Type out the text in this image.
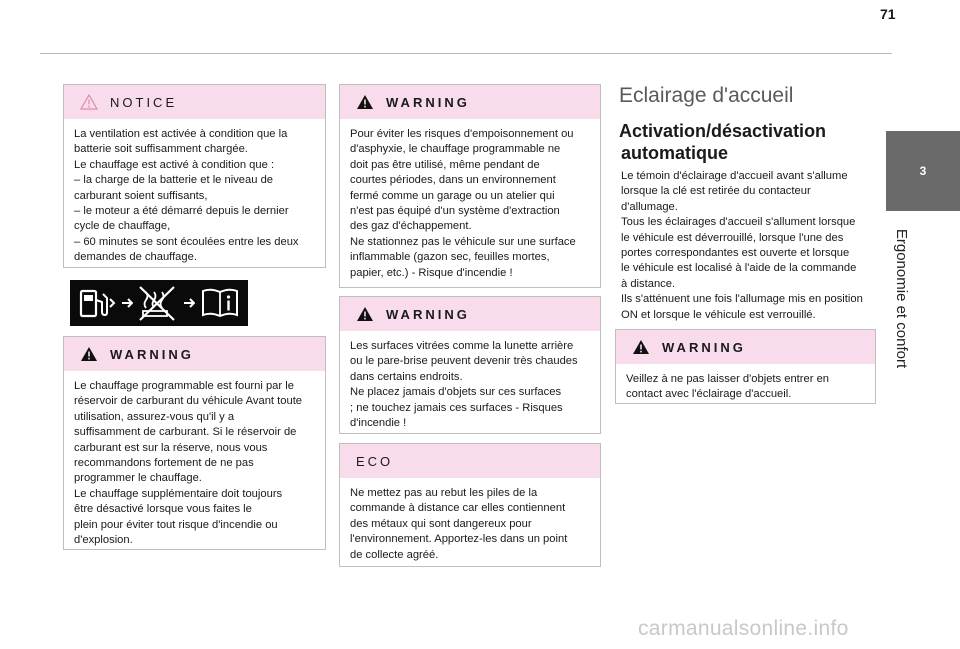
71
3
Ergonomie et confort
NOTICE

La ventilation est activée à condition que la

batterie soit suffisamment chargée.

Le chauffage est activé à condition que :

– la charge de la batterie et le niveau de

carburant soient suffisants,

– le moteur a été démarré depuis le dernier

cycle de chauffage,

– 60 minutes se sont écoulées entre les deux

demandes de chauffage.

WARNING

Le chauffage programmable est fourni par le

réservoir de carburant du véhicule Avant toute

utilisation, assurez-vous qu'il y a

suffisamment de carburant. Si le réservoir de

carburant est sur la réserve, nous vous

recommandons fortement de ne pas

programmer le chauffage.

Le chauffage supplémentaire doit toujours

être désactivé lorsque vous faites le

plein pour éviter tout risque d'incendie ou

d'explosion.

WARNING

Pour éviter les risques d'empoisonnement ou

d'asphyxie, le chauffage programmable ne

doit pas être utilisé, même pendant de

courtes périodes, dans un environnement

fermé comme un garage ou un atelier qui

n'est pas équipé d'un système d'extraction

des gaz d'échappement.

Ne stationnez pas le véhicule sur une surface

inflammable (gazon sec, feuilles mortes,

papier, etc.) - Risque d'incendie !

WARNING

Les surfaces vitrées comme la lunette arrière

ou le pare-brise peuvent devenir très chaudes

dans certains endroits.

Ne placez jamais d'objets sur ces surfaces

; ne touchez jamais ces surfaces - Risques

d'incendie !

ECO

Ne mettez pas au rebut les piles de la

commande à distance car elles contiennent

des métaux qui sont dangereux pour

l'environnement. Apportez-les dans un point

de collecte agréé.

Eclairage d'accueil
Activation/désactivation
automatique

Le témoin d'éclairage d'accueil avant s'allume

lorsque la clé est retirée du contacteur

d'allumage.

Tous les éclairages d'accueil s'allument lorsque

le véhicule est déverrouillé, lorsque l'une des

portes correspondantes est ouverte et lorsque

le véhicule est localisé à l'aide de la commande

à distance.

Ils s'atténuent une fois l'allumage mis en position

ON et lorsque le véhicule est verrouillé.

WARNING

Veillez à ne pas laisser d'objets entrer en

contact avec l'éclairage d'accueil.

carmanualsonline.info
